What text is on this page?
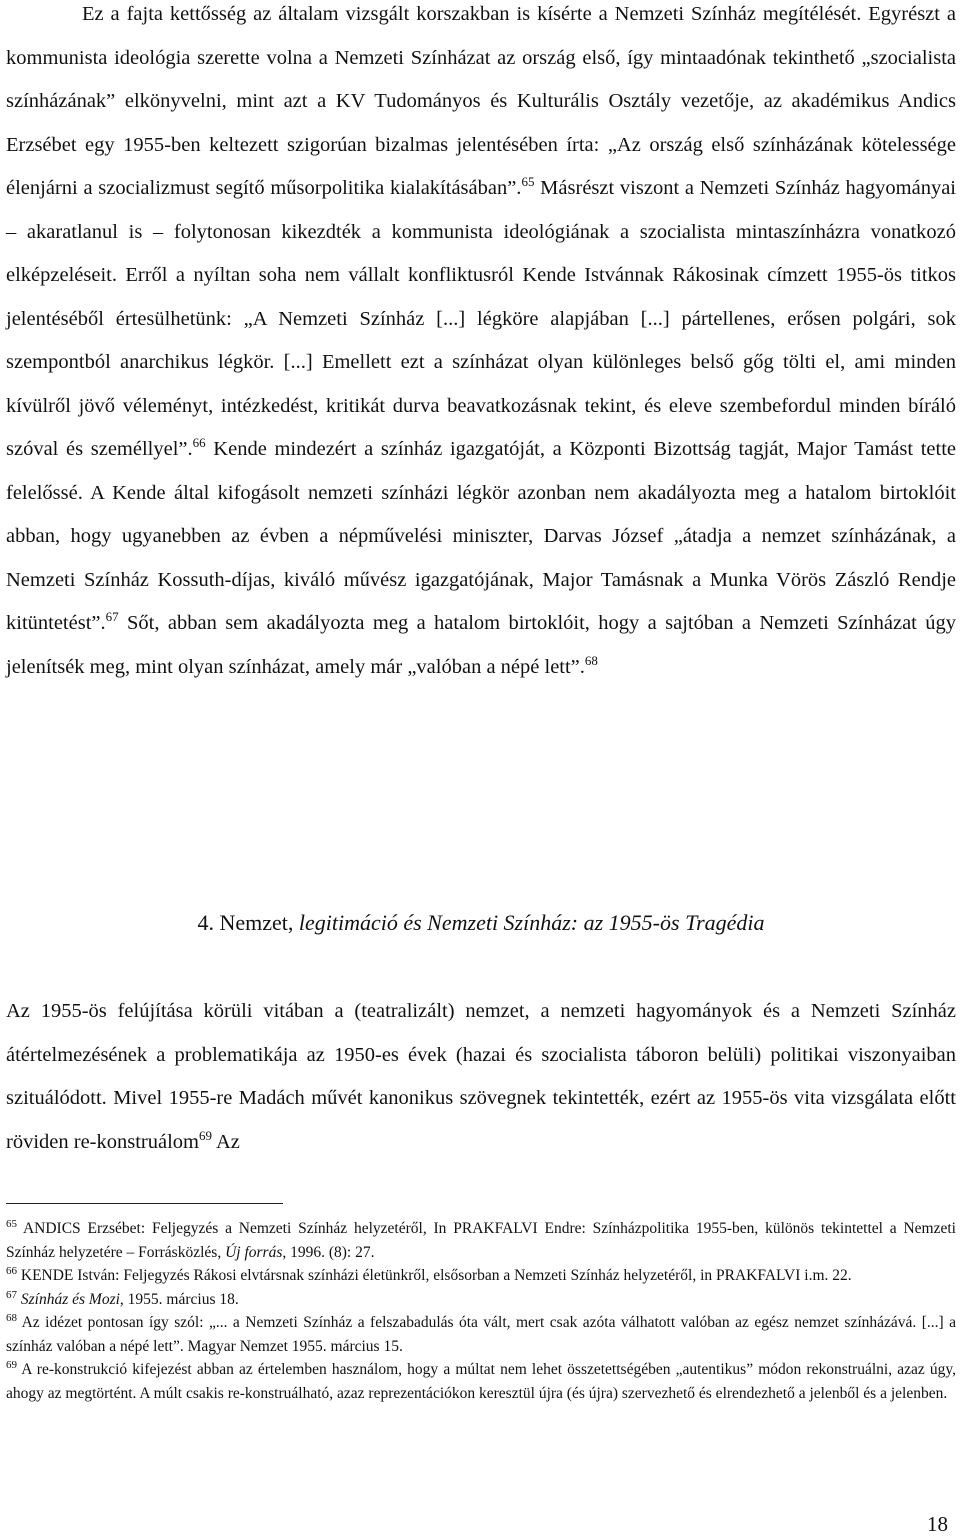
Ez a fajta kettősség az általam vizsgált korszakban is kísérte a Nemzeti Színház megítélését. Egyrészt a kommunista ideológia szerette volna a Nemzeti Színházat az ország első, így mintaadónak tekinthető „szocialista színházának” elkönyvelni, mint azt a KV Tudományos és Kulturális Osztály vezetője, az akadémikus Andics Erzsébet egy 1955-ben keltezett szigorúan bizalmas jelentésében írta: „Az ország első színházának kötelessége élenjárni a szocializmust segítő műsorpolitika kialakításában”.$^{65}$ Másrészt viszont a Nemzeti Színház hagyományai ‒ akaratlanul is ‒ folytonosan kikezdték a kommunista ideológiának a szocialista mintaszínházra vonatkozó elképzeléseit. Erről a nyíltan soha nem vállalt konfliktusról Kende Istvánnak Rákosinak címzett 1955-ös titkos jelentéséből értesülhetünk: „A Nemzeti Színház [...] légköre alapjában [...] pártellenes, erősen polgári, sok szempontból anarchikus légkör. [...] Emellett ezt a színházat olyan különleges belső gőg tölti el, ami minden kívülről jövő véleményt, intézkedést, kritikát durva beavatkozásnak tekint, és eleve szembefordul minden bíráló szóval és személlyel”.$^{66}$ Kende mindezért a színház igazgatóját, a Központi Bizottság tagját, Major Tamást tette felelőssé. A Kende által kifogásolt nemzeti színházi légkör azonban nem akadályozta meg a hatalom birtoklóit abban, hogy ugyanebben az évben a népművelési miniszter, Darvas József „átadja a nemzet színházának, a Nemzeti Színház Kossuth-díjas, kiváló művész igazgatójának, Major Tamásnak a Munka Vörös Zászló Rendje kitüntetést”.$^{67}$ Sőt, abban sem akadályozta meg a hatalom birtoklóit, hogy a sajtóban a Nemzeti Színházat úgy jelenítsék meg, mint olyan színházat, amely már „valóban a népé lett”.$^{68}$

4. Nemzet, legitimáció és Nemzeti Színház: az 1955-ös Tragédia

Az 1955-ös felújítása körüli vitában a (teatralizált) nemzet, a nemzeti hagyományok és a Nemzeti Színház átértelmezésének a problematikája az 1950-es évek (hazai és szocialista táboron belüli) politikai viszonyaiban szituálódott. Mivel 1955-re Madách művét kanonikus szövegnek tekintették, ezért az 1955-ös vita vizsgálata előtt röviden re-konstruálom$^{69}$ Az

$^{65}$ ANDICS Erzsébet: Feljegyzés a Nemzeti Színház helyzetéről, In PRAKFALVI Endre: Színházpolitika 1955-ben, különös tekintettel a Nemzeti Színház helyzetére ‒ Forrásközlés, Új forrás, 1996. (8): 27.

$^{66}$ KENDE István: Feljegyzés Rákosi elvtársnak színházi életünkről, elsősorban a Nemzeti Színház helyzetéről, in PRAKFALVI i.m. 22.

$^{67}$ Színház és Mozi, 1955. március 18.

$^{68}$ Az idézet pontosan így szól: „... a Nemzeti Színház a felszabadulás óta vált, mert csak azóta válhatott valóban az egész nemzet színházává. [...] a színház valóban a népé lett”. Magyar Nemzet 1955. március 15.

$^{69}$ A re-konstrukció kifejezést abban az értelemben használom, hogy a múltat nem lehet összetettségében „autentikus” módon rekonstruálni, azaz úgy, ahogy az megtörtént. A múlt csakis re-konstruálható, azaz reprezentációkon keresztül újra (és újra) szervezhető és elrendezhető a jelenből és a jelenben.

18
